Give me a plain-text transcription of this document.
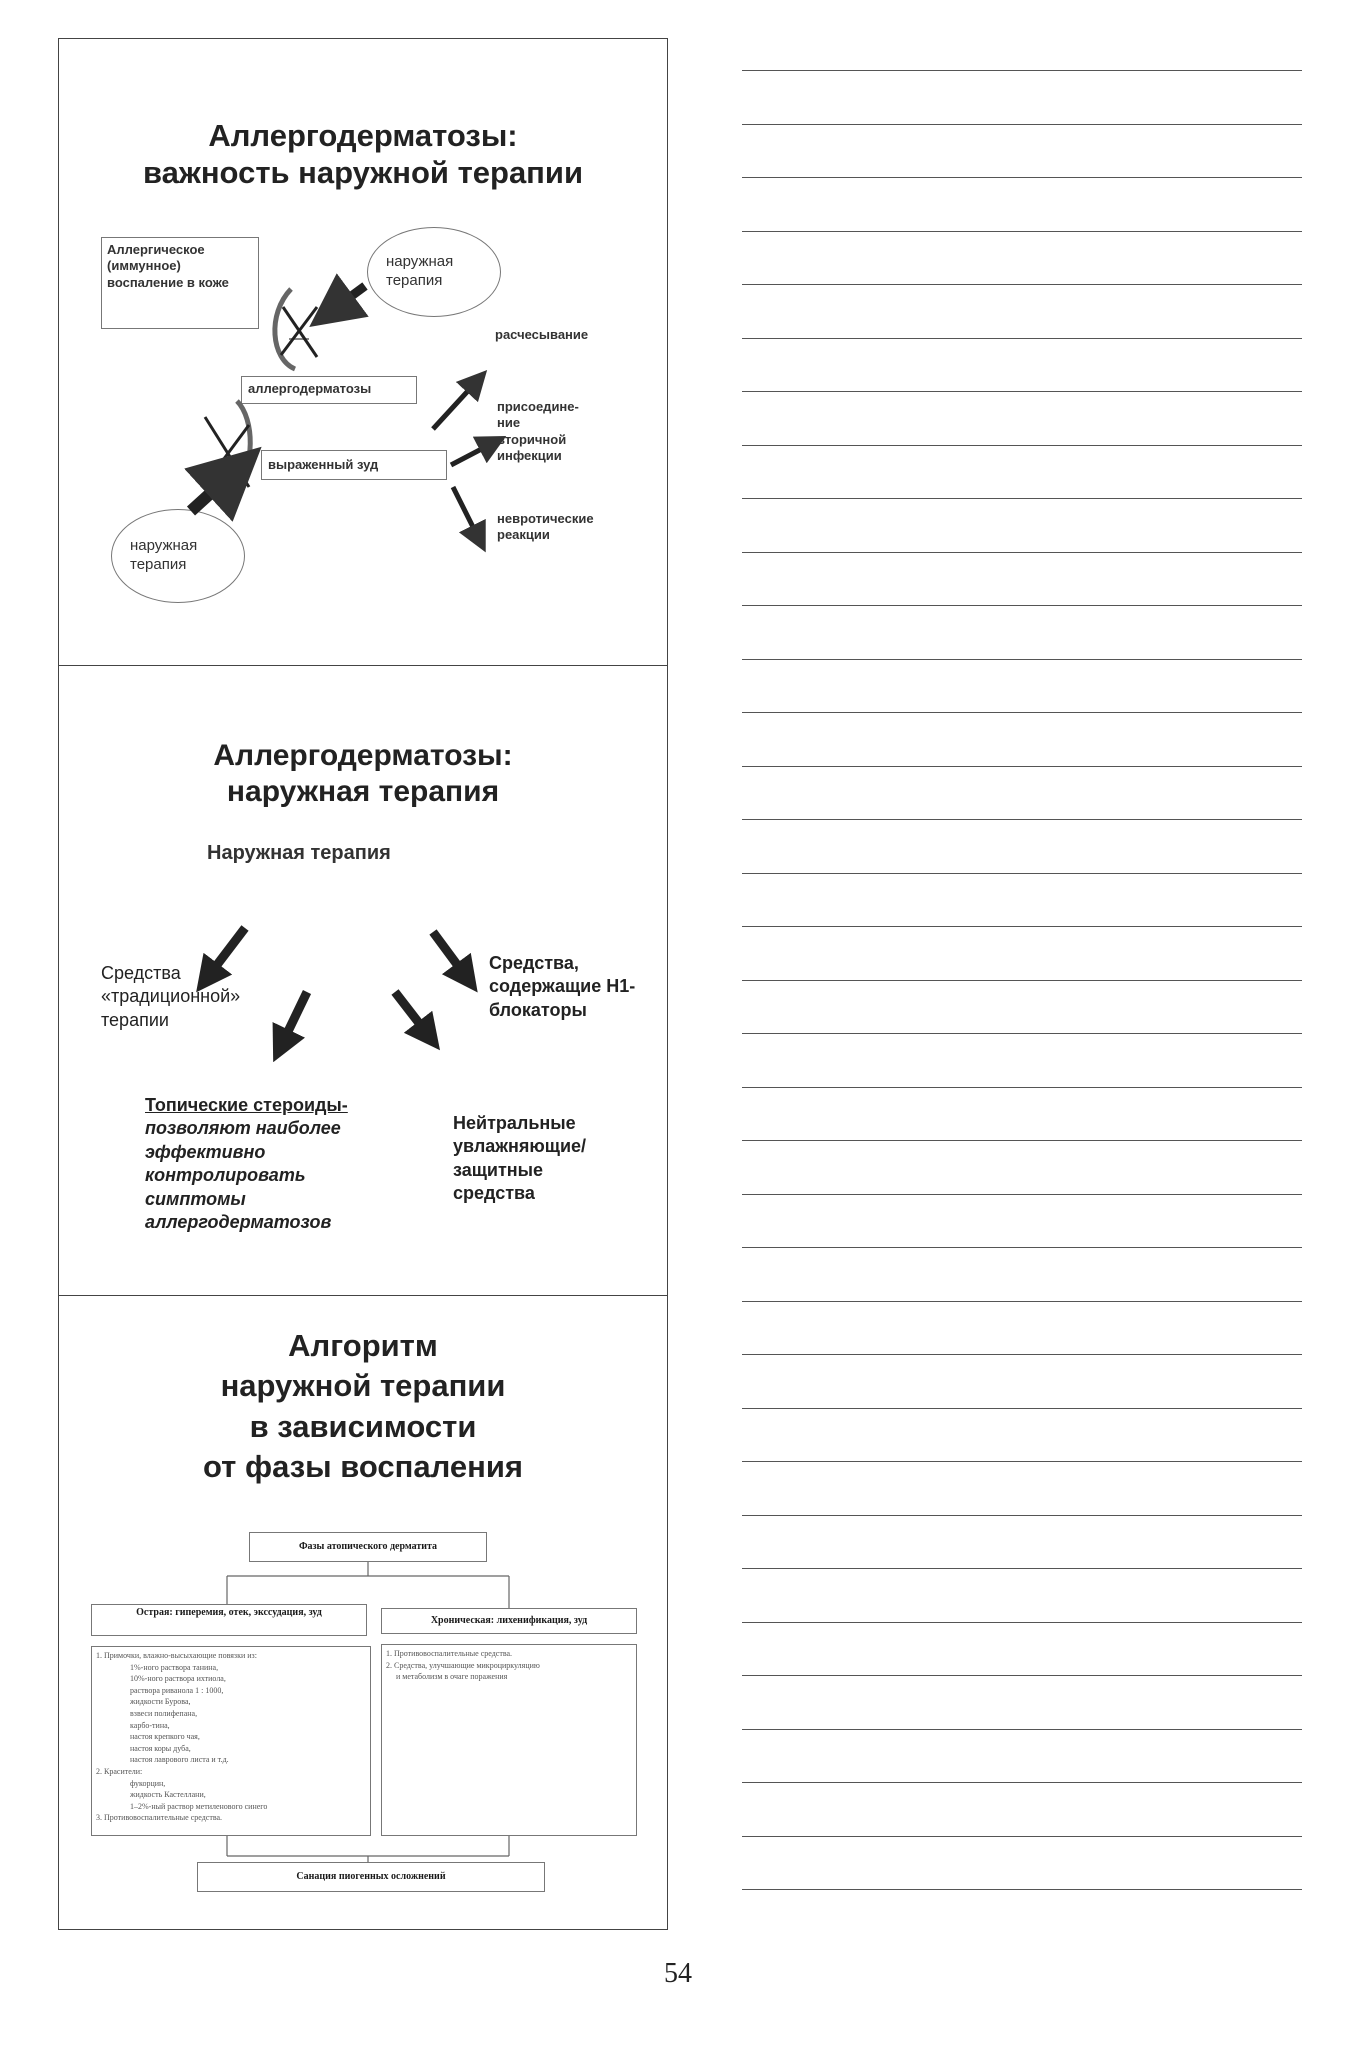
Аллергодерматозы:
важность наружной терапии
Аллергическое (иммунное) воспаление в коже
наружная терапия
аллергодерматозы
выраженный зуд
наружная терапия
расчесывание
присоедине-ние вторичной инфекции
невротические реакции
Аллергодерматозы:
наружная терапия
Наружная терапия
Средства «традиционной» терапии
Средства, содержащие Н1-блокаторы
Топические стероиды-
позволяют наиболее эффективно контролировать симптомы аллергодерматозов
Нейтральные увлажняющие/ защитные средства
Алгоритм
наружной терапии
в зависимости
от фазы воспаления
Фазы атопического дерматита
Острая: гиперемия, отек, экссудация, зуд
Хроническая: лихенификация, зуд
1. Примочки, влажно-высыхающие повязки из:
1%-ного раствора танина,
10%-ного раствора ихтиола,
раствора риванола 1 : 1000,
жидкости Бурова,
взвеси полифепана,
карбо-тина,
настоя крепкого чая,
настоя коры дуба,
настоя лаврового листа и т.д.
2. Красители:
фукорцин,
жидкость Кастеллани,
1–2%-ный раствор метиленового синего
3. Противовоспалительные средства.
1. Противовоспалительные средства.
2. Средства, улучшающие микроциркуляцию
и метаболизм в очаге поражения
Санация пиогенных осложнений
54
